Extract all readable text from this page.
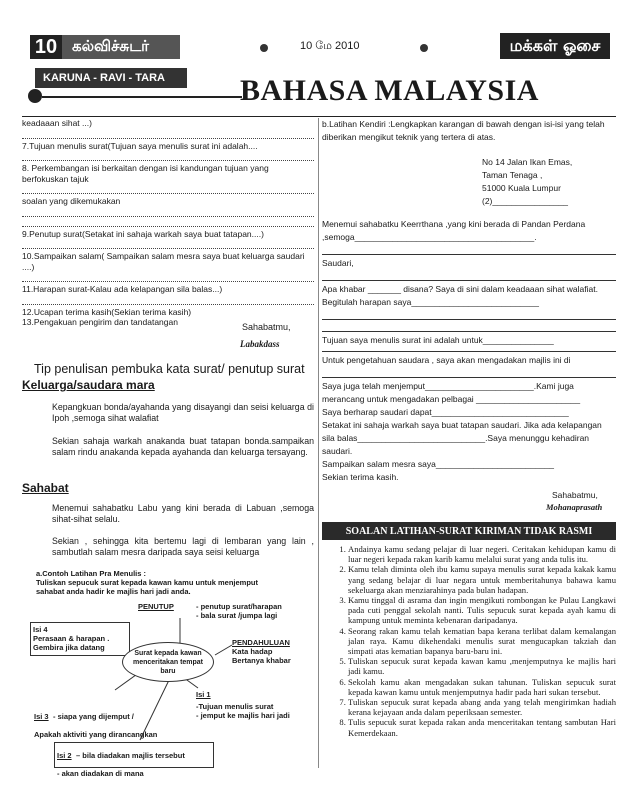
10 கல்விச்சுடர்	10 மே 2010	மக்கள் ஓசை
KARUNA - RAVI - TARA	BAHASA MALAYSIA

keadaaan sihat ...)

7.Tujuan menulis surat(Tujuan saya menulis surat ini adalah....

8. Perkembangan isi berkaitan dengan isi kandungan tujuan yang berfokuskan tajuk

soalan yang dikemukakan

9.Penutup surat(Setakat ini sahaja warkah saya buat tatapan....)

10.Sampaikan salam( Sampaikan salam mesra saya buat keluarga saudari ....)

11.Harapan surat-Kalau ada kelapangan sila balas...)

12.Ucapan terima kasih(Sekian terima kasih)

13.Pengakuan pengirim dan tandatangan	Sahabatmu,
Labakdass
Tip penulisan pembuka kata surat/ penutup surat
Keluarga/saudara mara
Kepangkuan bonda/ayahanda yang disayangi dan seisi keluarga di Ipoh ,semoga sihat walafiat
Sekian sahaja warkah anakanda buat tatapan bonda.sampaikan salam rindu anakanda kepada ayahanda dan keluarga tersayang.
Sahabat
Menemui sahabatku Labu yang kini berada di Labuan ,semoga sihat-sihat selalu.
Sekian , sehingga kita bertemu lagi di lembaran yang lain , sambutlah salam mesra daripada saya seisi keluarga
a.Contoh Latihan Pra Menulis :
Tuliskan sepucuk surat kepada kawan kamu untuk menjemput sahabat anda hadir ke majlis hari jadi anda.
PENUTUP	- penutup surat/harapan
- bala surat /jumpa lagi
Isi 4
Perasaan & harapan . Gembira jika datang
Surat kepada kawan menceritakan tempat baru
PENDAHULUAN
Kata hadap
Bertanya khabar
Isi 1
-Tujuan menulis surat
- jemput ke majlis hari jadi
Isi 3 - siapa yang dijemput /
Apakah aktiviti yang dirancangkan
Isi 2 – bila diadakan majlis tersebut
- akan diadakan di mana

b.Latihan Kendiri :Lengkapkan karangan di bawah dengan isi-isi yang telah diberikan mengikut teknik yang tertera di atas.

No 14 Jalan Ikan Emas,

Taman Tenaga ,

51000 Kuala Lumpur

(2)________________

Menemui sahabatku Keerrthana ,yang kini berada di Pandan Perdana ,semoga______________________________________.

Saudari,

Apa khabar _______ disana? Saya di sini dalam keadaaan sihat walafiat. Begitulah harapan saya___________________________

Tujuan saya menulis surat ini adalah untuk_______________

Untuk pengetahuan saudara , saya akan mengadakan majlis ini di

Saya juga telah menjemput_______________________.Kami juga merancang untuk mengadakan pelbagai ______________________

Saya berharap saudari dapat_____________________________

Setakat ini sahaja warkah saya buat tatapan saudari. Jika ada kelapangan sila balas___________________________.Saya menunggu kehadiran saudari.

Sampaikan salam mesra saya_________________________

Sekian terima kasih.

Sahabatmu,
Mohanaprasath
SOALAN LATIHAN-SURAT KIRIMAN TIDAK RASMI
1. Andainya kamu sedang pelajar di luar negeri. Ceritakan kehidupan kamu di luar negeri kepada rakan karib kamu melalui surat yang anda tulis itu.
2. Kamu telah diminta oleh ibu kamu supaya menulis surat kepada kakak kamu yang sedang belajar di luar negara untuk memberitahunya bahawa kamu sekeluarga akan menziarahinya pada bulan hadapan.
3. Kamu tinggal di asrama dan ingin mengikuti rombongan ke Pulau Langkawi pada cuti penggal sekolah nanti. Tulis sepucuk surat kepada ayah kamu di kampung untuk meminta kebenaran daripadanya.
4. Seorang rakan kamu telah kematian bapa kerana terlibat dalam kemalangan jalan raya. Kamu dikehendaki menulis surat mengucapkan takziah dan simpati atas kematian bapanya baru-baru ini.
5. Tuliskan sepucuk surat kepada kawan kamu ,menjemputnya ke majlis hari jadi kamu.
6. Sekolah kamu akan mengadakan sukan tahunan. Tuliskan sepucuk surat kepada kawan kamu untuk menjemputnya hadir pada hari sukan tersebut.
7. Tuliskan sepucuk surat kepada abang anda yang telah mengirimkan hadiah kerana kejayaan anda dalam peperiksaan semester.
8. Tulis sepucuk surat kepada rakan anda menceritakan tentang sambutan Hari Kemerdekaan.
